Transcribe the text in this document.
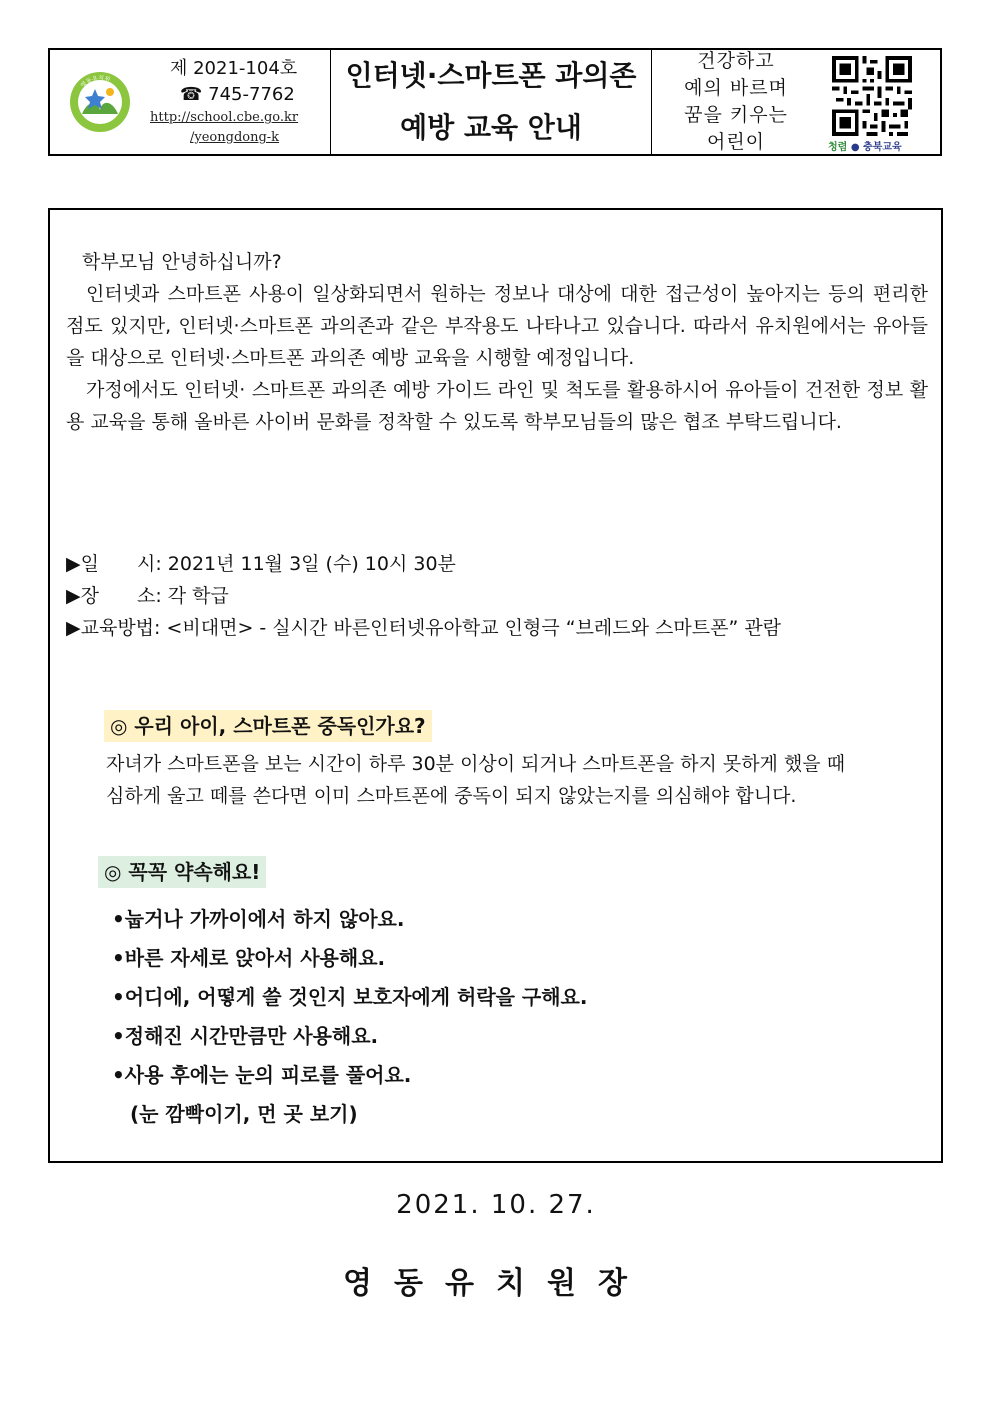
영동유치원
제 2021-104호
☎ 745-7762
http://school.cbe.go.kr
/yeongdong-k
인터넷·스마트폰 과의존
예방 교육 안내
건강하고
예의 바르며
꿈을 키우는
어린이	청렴 ● 충북교육

학부모님 안녕하십니까?

인터넷과 스마트폰 사용이 일상화되면서 원하는 정보나 대상에 대한 접근성이 높아지는 등의 편리한 점도 있지만, 인터넷·스마트폰 과의존과 같은 부작용도 나타나고 있습니다. 따라서 유치원에서는 유아들을 대상으로 인터넷·스마트폰 과의존 예방 교육을 시행할 예정입니다.

가정에서도 인터넷· 스마트폰 과의존 예방 가이드 라인 및 척도를 활용하시어 유아들이 건전한 정보 활용 교육을 통해 올바른 사이버 문화를 정착할 수 있도록 학부모님들의 많은 협조 부탁드립니다.

▶일　　시: 2021년 11월 3일 (수) 10시 30분
▶장　　소: 각 학급
▶교육방법: <비대면> - 실시간 바른인터넷유아학교 인형극 “브레드와 스마트폰” 관람
◎ 우리 아이, 스마트폰 중독인가요?
자녀가 스마트폰을 보는 시간이 하루 30분 이상이 되거나 스마트폰을 하지 못하게 했을 때
심하게 울고 떼를 쓴다면 이미 스마트폰에 중독이 되지 않았는지를 의심해야 합니다.
◎ 꼭꼭 약속해요!
•눕거나 가까이에서 하지 않아요.
•바른 자세로 앉아서 사용해요.
•어디에, 어떻게 쓸 것인지 보호자에게 허락을 구해요.
•정해진 시간만큼만 사용해요.
•사용 후에는 눈의 피로를 풀어요.
(눈 깜빡이기, 먼 곳 보기)
2021. 10. 27.
영동유치원장
